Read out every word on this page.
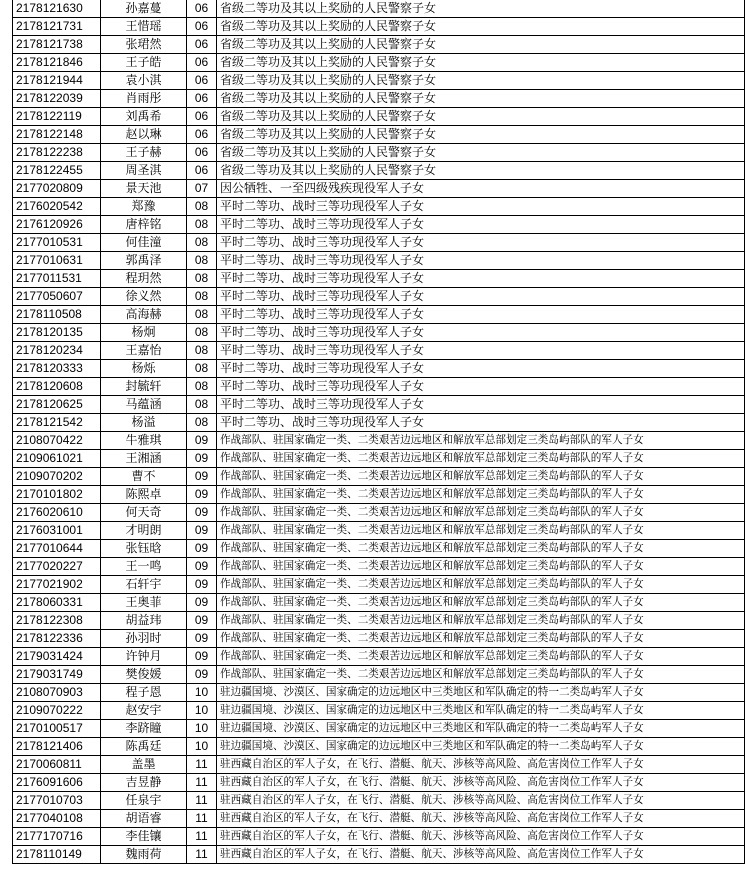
2178121630	孙嘉蔓	06	省级二等功及其以上奖励的人民警察子女
2178121731	王惜瑶	06	省级二等功及其以上奖励的人民警察子女
2178121738	张珺然	06	省级二等功及其以上奖励的人民警察子女
2178121846	王子皓	06	省级二等功及其以上奖励的人民警察子女
2178121944	袁小淇	06	省级二等功及其以上奖励的人民警察子女
2178122039	肖雨彤	06	省级二等功及其以上奖励的人民警察子女
2178122119	刘禹希	06	省级二等功及其以上奖励的人民警察子女
2178122148	赵以琳	06	省级二等功及其以上奖励的人民警察子女
2178122238	王子赫	06	省级二等功及其以上奖励的人民警察子女
2178122455	周圣淇	06	省级二等功及其以上奖励的人民警察子女
2177020809	景天池	07	因公牺牲、一至四级残疾现役军人子女
2176020542	郑豫	08	平时二等功、战时三等功现役军人子女
2176120926	唐梓铭	08	平时二等功、战时三等功现役军人子女
2177010531	何佳潼	08	平时二等功、战时三等功现役军人子女
2177010631	郭禹泽	08	平时二等功、战时三等功现役军人子女
2177011531	程玥然	08	平时二等功、战时三等功现役军人子女
2177050607	徐义然	08	平时二等功、战时三等功现役军人子女
2178110508	高海赫	08	平时二等功、战时三等功现役军人子女
2178120135	杨炯	08	平时二等功、战时三等功现役军人子女
2178120234	王嘉怡	08	平时二等功、战时三等功现役军人子女
2178120333	杨烁	08	平时二等功、战时三等功现役军人子女
2178120608	封毓轩	08	平时二等功、战时三等功现役军人子女
2178120625	马蕴涵	08	平时二等功、战时三等功现役军人子女
2178121542	杨溢	08	平时二等功、战时三等功现役军人子女
2108070422	牛雅琪	09	作战部队、驻国家确定一类、二类艰苦边远地区和解放军总部划定三类岛屿部队的军人子女
2109061021	王湘涵	09	作战部队、驻国家确定一类、二类艰苦边远地区和解放军总部划定三类岛屿部队的军人子女
2109070202	曹不	09	作战部队、驻国家确定一类、二类艰苦边远地区和解放军总部划定三类岛屿部队的军人子女
2170101802	陈熙卓	09	作战部队、驻国家确定一类、二类艰苦边远地区和解放军总部划定三类岛屿部队的军人子女
2176020610	何天奇	09	作战部队、驻国家确定一类、二类艰苦边远地区和解放军总部划定三类岛屿部队的军人子女
2176031001	才明朗	09	作战部队、驻国家确定一类、二类艰苦边远地区和解放军总部划定三类岛屿部队的军人子女
2177010644	张钰晗	09	作战部队、驻国家确定一类、二类艰苦边远地区和解放军总部划定三类岛屿部队的军人子女
2177020227	王一鸣	09	作战部队、驻国家确定一类、二类艰苦边远地区和解放军总部划定三类岛屿部队的军人子女
2177021902	石轩宇	09	作战部队、驻国家确定一类、二类艰苦边远地区和解放军总部划定三类岛屿部队的军人子女
2178060331	王奥菲	09	作战部队、驻国家确定一类、二类艰苦边远地区和解放军总部划定三类岛屿部队的军人子女
2178122308	胡益玮	09	作战部队、驻国家确定一类、二类艰苦边远地区和解放军总部划定三类岛屿部队的军人子女
2178122336	孙羽时	09	作战部队、驻国家确定一类、二类艰苦边远地区和解放军总部划定三类岛屿部队的军人子女
2179031424	许钟月	09	作战部队、驻国家确定一类、二类艰苦边远地区和解放军总部划定三类岛屿部队的军人子女
2179031749	樊俊媛	09	作战部队、驻国家确定一类、二类艰苦边远地区和解放军总部划定三类岛屿部队的军人子女
2108070903	程子恩	10	驻边疆国境、沙漠区、国家确定的边远地区中三类地区和军队确定的特一二类岛屿军人子女
2109070222	赵安宇	10	驻边疆国境、沙漠区、国家确定的边远地区中三类地区和军队确定的特一二类岛屿军人子女
2170100517	李跻瞳	10	驻边疆国境、沙漠区、国家确定的边远地区中三类地区和军队确定的特一二类岛屿军人子女
2178121406	陈禹廷	10	驻边疆国境、沙漠区、国家确定的边远地区中三类地区和军队确定的特一二类岛屿军人子女
2170060811	盖墨	11	驻西藏自治区的军人子女，在飞行、潜艇、航天、涉核等高风险、高危害岗位工作军人子女
2176091606	吉昱静	11	驻西藏自治区的军人子女，在飞行、潜艇、航天、涉核等高风险、高危害岗位工作军人子女
2177010703	任泉宇	11	驻西藏自治区的军人子女，在飞行、潜艇、航天、涉核等高风险、高危害岗位工作军人子女
2177040108	胡语睿	11	驻西藏自治区的军人子女，在飞行、潜艇、航天、涉核等高风险、高危害岗位工作军人子女
2177170716	李佳镶	11	驻西藏自治区的军人子女，在飞行、潜艇、航天、涉核等高风险、高危害岗位工作军人子女
2178110149	魏雨荷	11	驻西藏自治区的军人子女，在飞行、潜艇、航天、涉核等高风险、高危害岗位工作军人子女
